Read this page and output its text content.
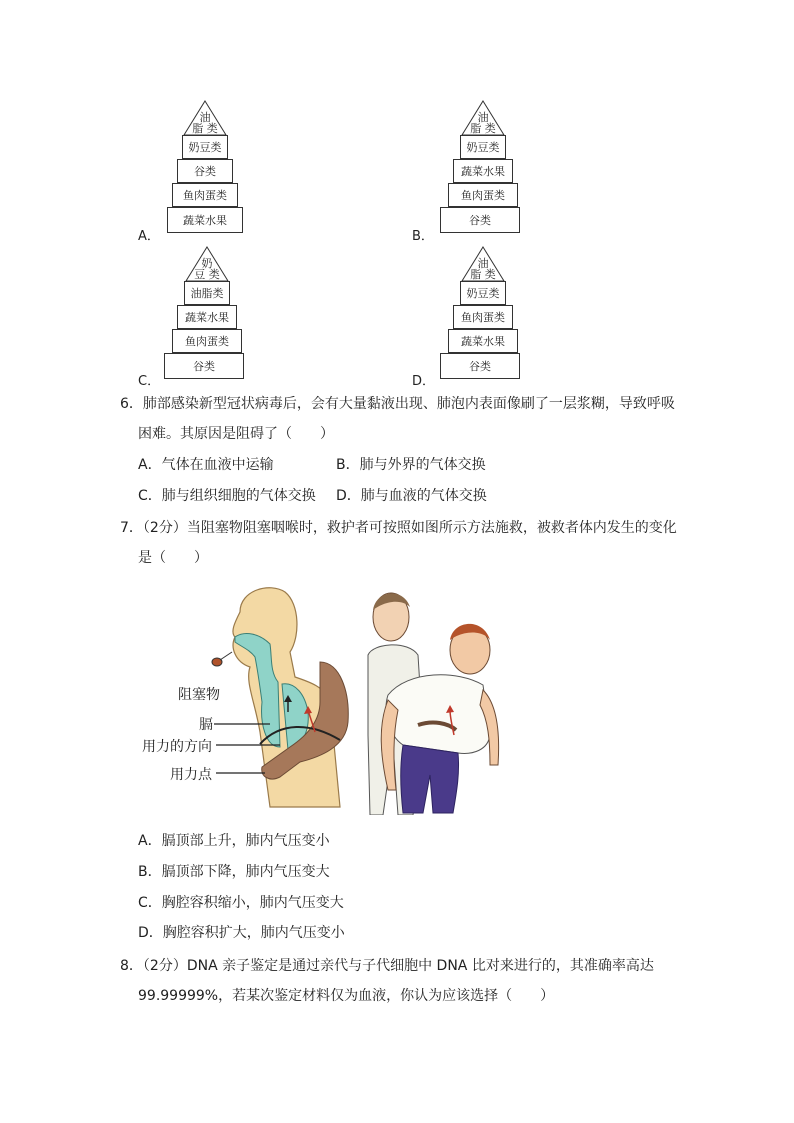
油
脂 类
奶豆类
谷类
鱼肉蛋类
蔬菜水果
A．
油
脂 类
奶豆类
蔬菜水果
鱼肉蛋类
谷类
B．
奶
豆 类
油脂类
蔬菜水果
鱼肉蛋类
谷类
C．
油
脂 类
奶豆类
鱼肉蛋类
蔬菜水果
谷类
D．
6．肺部感染新型冠状病毒后，会有大量黏液出现、肺泡内表面像刷了一层浆糊，导致呼吸
困难。其原因是阻碍了（　　）
A．气体在血液中运输	B．肺与外界的气体交换
C．肺与组织细胞的气体交换 D．肺与血液的气体交换
7．（2分）当阻塞物阻塞咽喉时，救护者可按照如图所示方法施救，被救者体内发生的变化
是（　　）
阻塞物
膈
用力的方向
用力点
A．膈顶部上升，肺内气压变小
B．膈顶部下降，肺内气压变大
C．胸腔容积缩小，肺内气压变大
D．胸腔容积扩大，肺内气压变小
8．（2分）DNA 亲子鉴定是通过亲代与子代细胞中 DNA 比对来进行的，其准确率高达
99.99999%，若某次鉴定材料仅为血液，你认为应该选择（　　）
